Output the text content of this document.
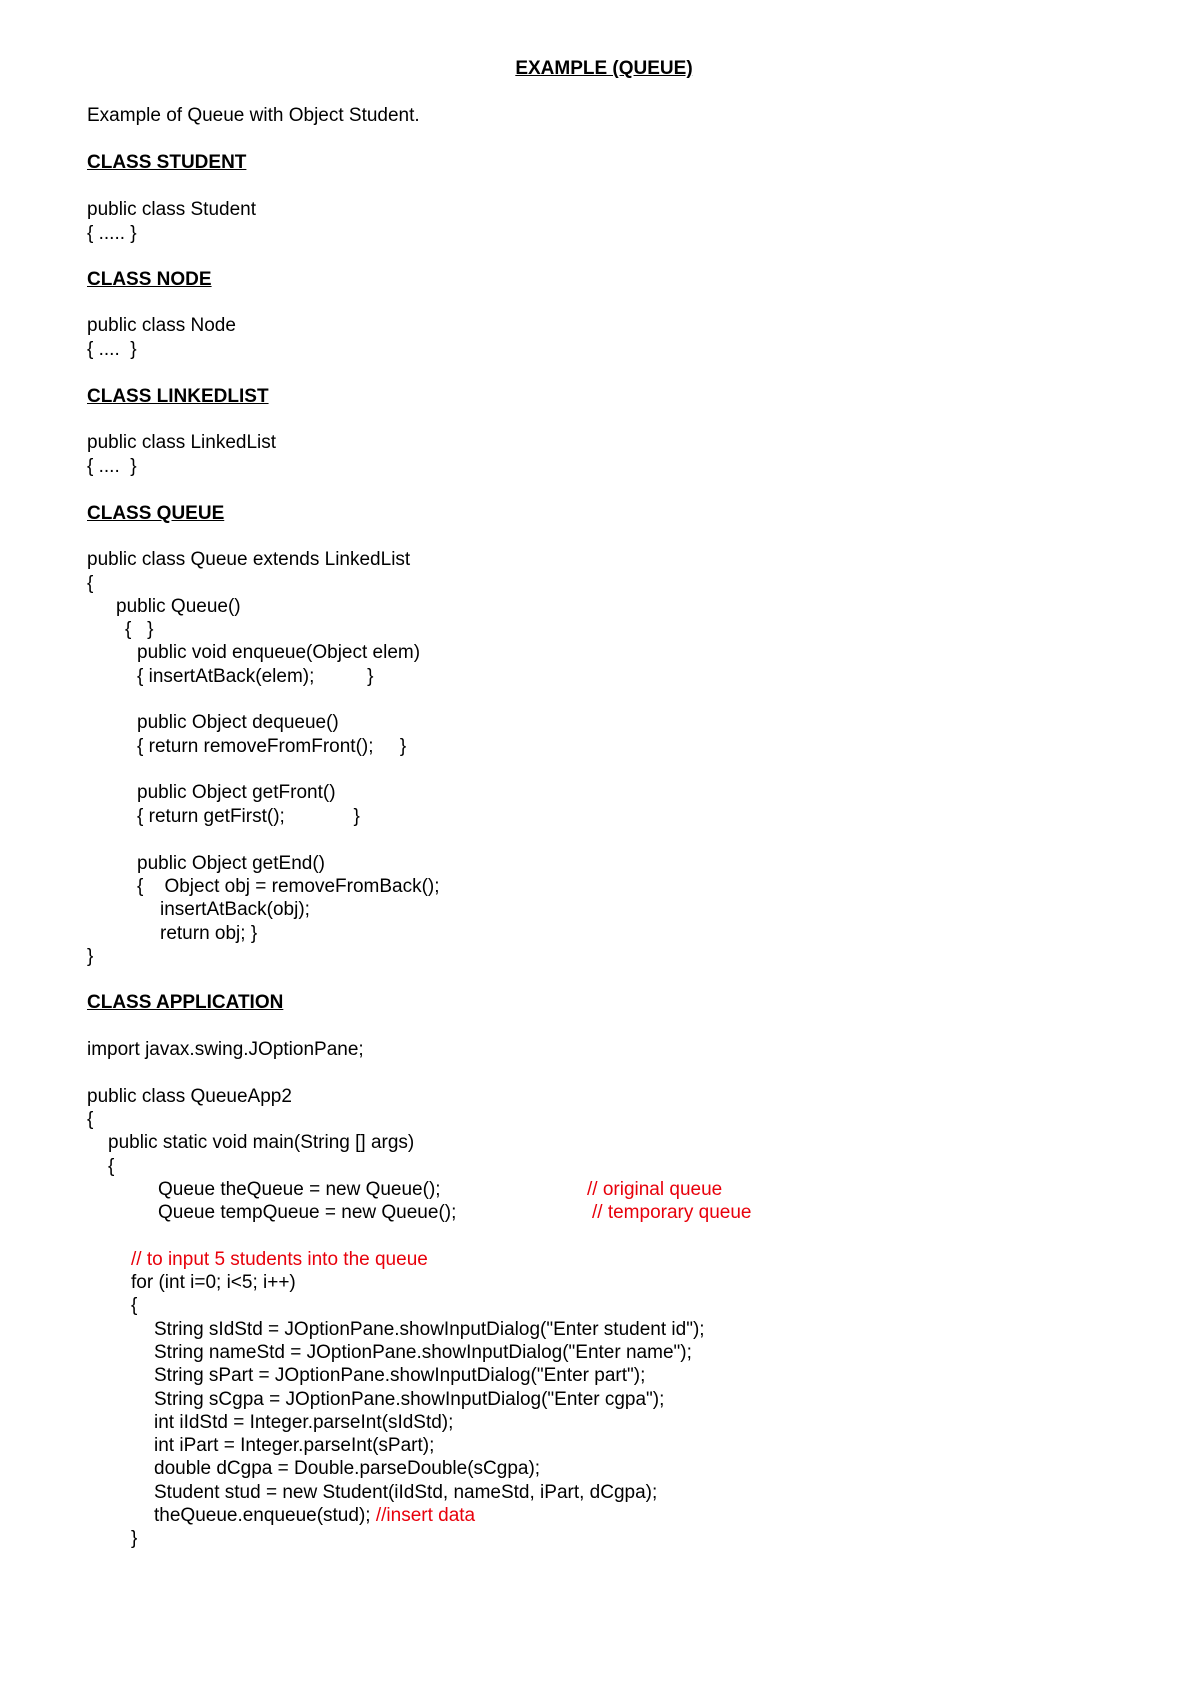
EXAMPLE (QUEUE)
Example of Queue with Object Student.
CLASS STUDENT
public class Student
{ ..... }
CLASS NODE
public class Node
{ ....  }
CLASS LINKEDLIST
public class LinkedList
{ ....  }
CLASS QUEUE
public class Queue extends LinkedList
{
public Queue()
{   }
public void enqueue(Object elem)
{ insertAtBack(elem);          }
public Object dequeue()
{ return removeFromFront();     }
public Object getFront()
{ return getFirst();             }
public Object getEnd()
{    Object obj = removeFromBack();
insertAtBack(obj);
return obj; }
}
CLASS APPLICATION
import javax.swing.JOptionPane;
public class QueueApp2
{
public static void main(String [] args)
{
Queue theQueue = new Queue();	// original queue
Queue tempQueue = new Queue();	// temporary queue
// to input 5 students into the queue
for (int i=0; i<5; i++)
{
String sIdStd = JOptionPane.showInputDialog("Enter student id");
String nameStd = JOptionPane.showInputDialog("Enter name");
String sPart = JOptionPane.showInputDialog("Enter part");
String sCgpa = JOptionPane.showInputDialog("Enter cgpa");
int iIdStd = Integer.parseInt(sIdStd);
int iPart = Integer.parseInt(sPart);
double dCgpa = Double.parseDouble(sCgpa);
Student stud = new Student(iIdStd, nameStd, iPart, dCgpa);
theQueue.enqueue(stud); //insert data
}
